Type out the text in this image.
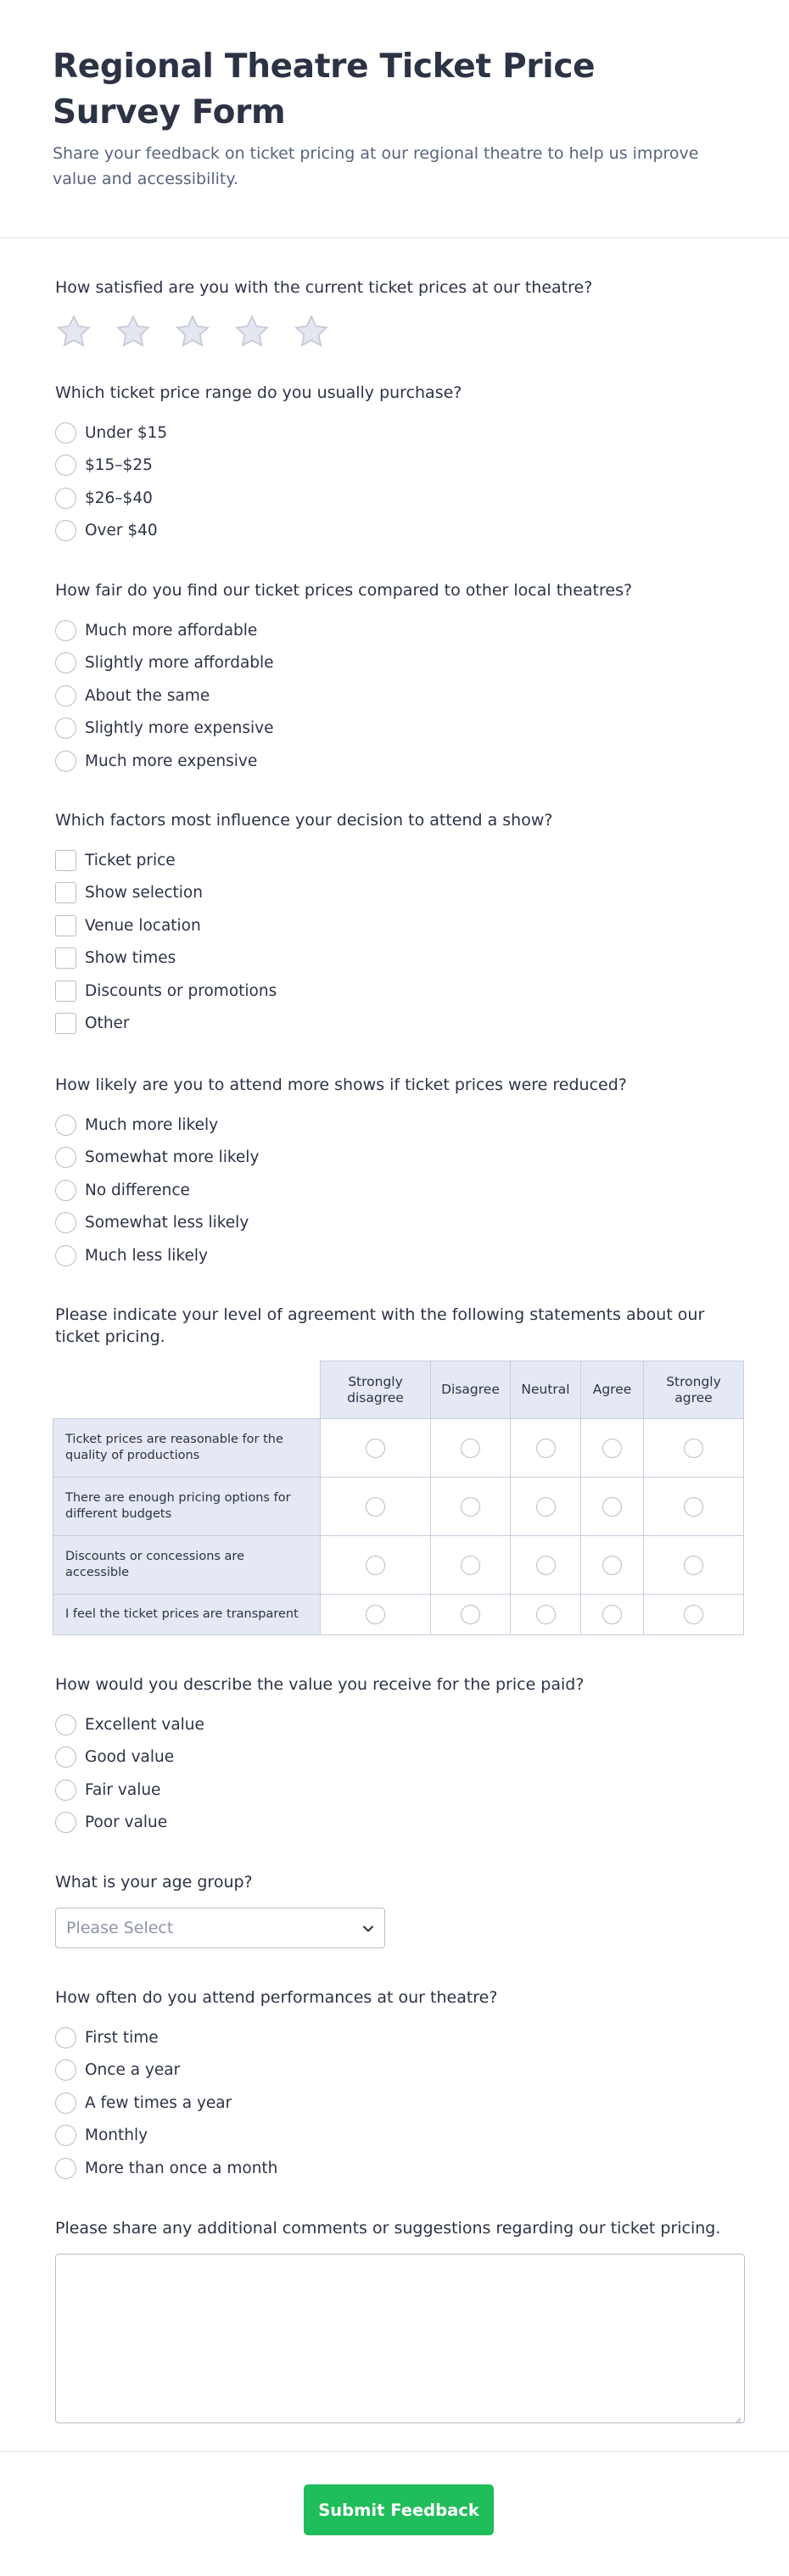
Regional Theatre Ticket Price Survey Form

Share your feedback on ticket pricing at our regional theatre to help us improve value and accessibility.

How satisfied are you with the current ticket prices at our theatre?
Which ticket price range do you usually purchase?
Under $15
$15–$25
$26–$40
Over $40
How fair do you find our ticket prices compared to other local theatres?
Much more affordable
Slightly more affordable
About the same
Slightly more expensive
Much more expensive
Which factors most influence your decision to attend a show?
Ticket price
Show selection
Venue location
Show times
Discounts or promotions
Other
How likely are you to attend more shows if ticket prices were reduced?
Much more likely
Somewhat more likely
No difference
Somewhat less likely
Much less likely
Please indicate your level of agreement with the following statements about our ticket pricing.
	Strongly disagree	Disagree	Neutral	Agree	Strongly agree
Ticket prices are reasonable for the quality of productions					
There are enough pricing options for different budgets					
Discounts or concessions are accessible					
I feel the ticket prices are transparent					
How would you describe the value you receive for the price paid?
Excellent value
Good value
Fair value
Poor value
What is your age group?
Please Select
How often do you attend performances at our theatre?
First time
Once a year
A few times a year
Monthly
More than once a month
Please share any additional comments or suggestions regarding our ticket pricing.
Submit Feedback
